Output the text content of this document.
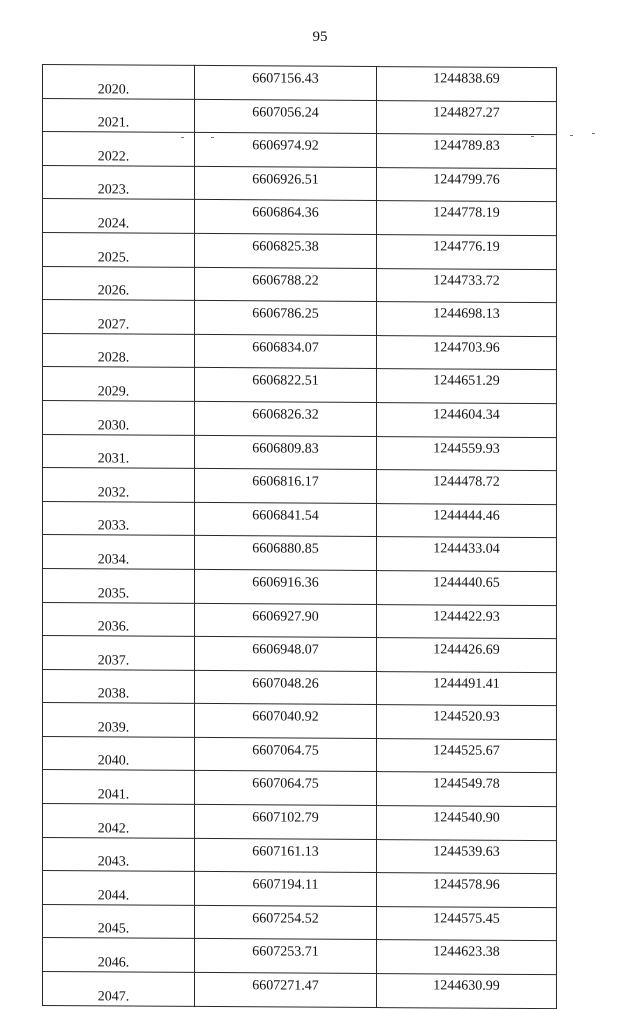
95
2020.	6607156.43	1244838.69
2021.	6607056.24	1244827.27
2022.	6606974.92	1244789.83
2023.	6606926.51	1244799.76
2024.	6606864.36	1244778.19
2025.	6606825.38	1244776.19
2026.	6606788.22	1244733.72
2027.	6606786.25	1244698.13
2028.	6606834.07	1244703.96
2029.	6606822.51	1244651.29
2030.	6606826.32	1244604.34
2031.	6606809.83	1244559.93
2032.	6606816.17	1244478.72
2033.	6606841.54	1244444.46
2034.	6606880.85	1244433.04
2035.	6606916.36	1244440.65
2036.	6606927.90	1244422.93
2037.	6606948.07	1244426.69
2038.	6607048.26	1244491.41
2039.	6607040.92	1244520.93
2040.	6607064.75	1244525.67
2041.	6607064.75	1244549.78
2042.	6607102.79	1244540.90
2043.	6607161.13	1244539.63
2044.	6607194.11	1244578.96
2045.	6607254.52	1244575.45
2046.	6607253.71	1244623.38
2047.	6607271.47	1244630.99
